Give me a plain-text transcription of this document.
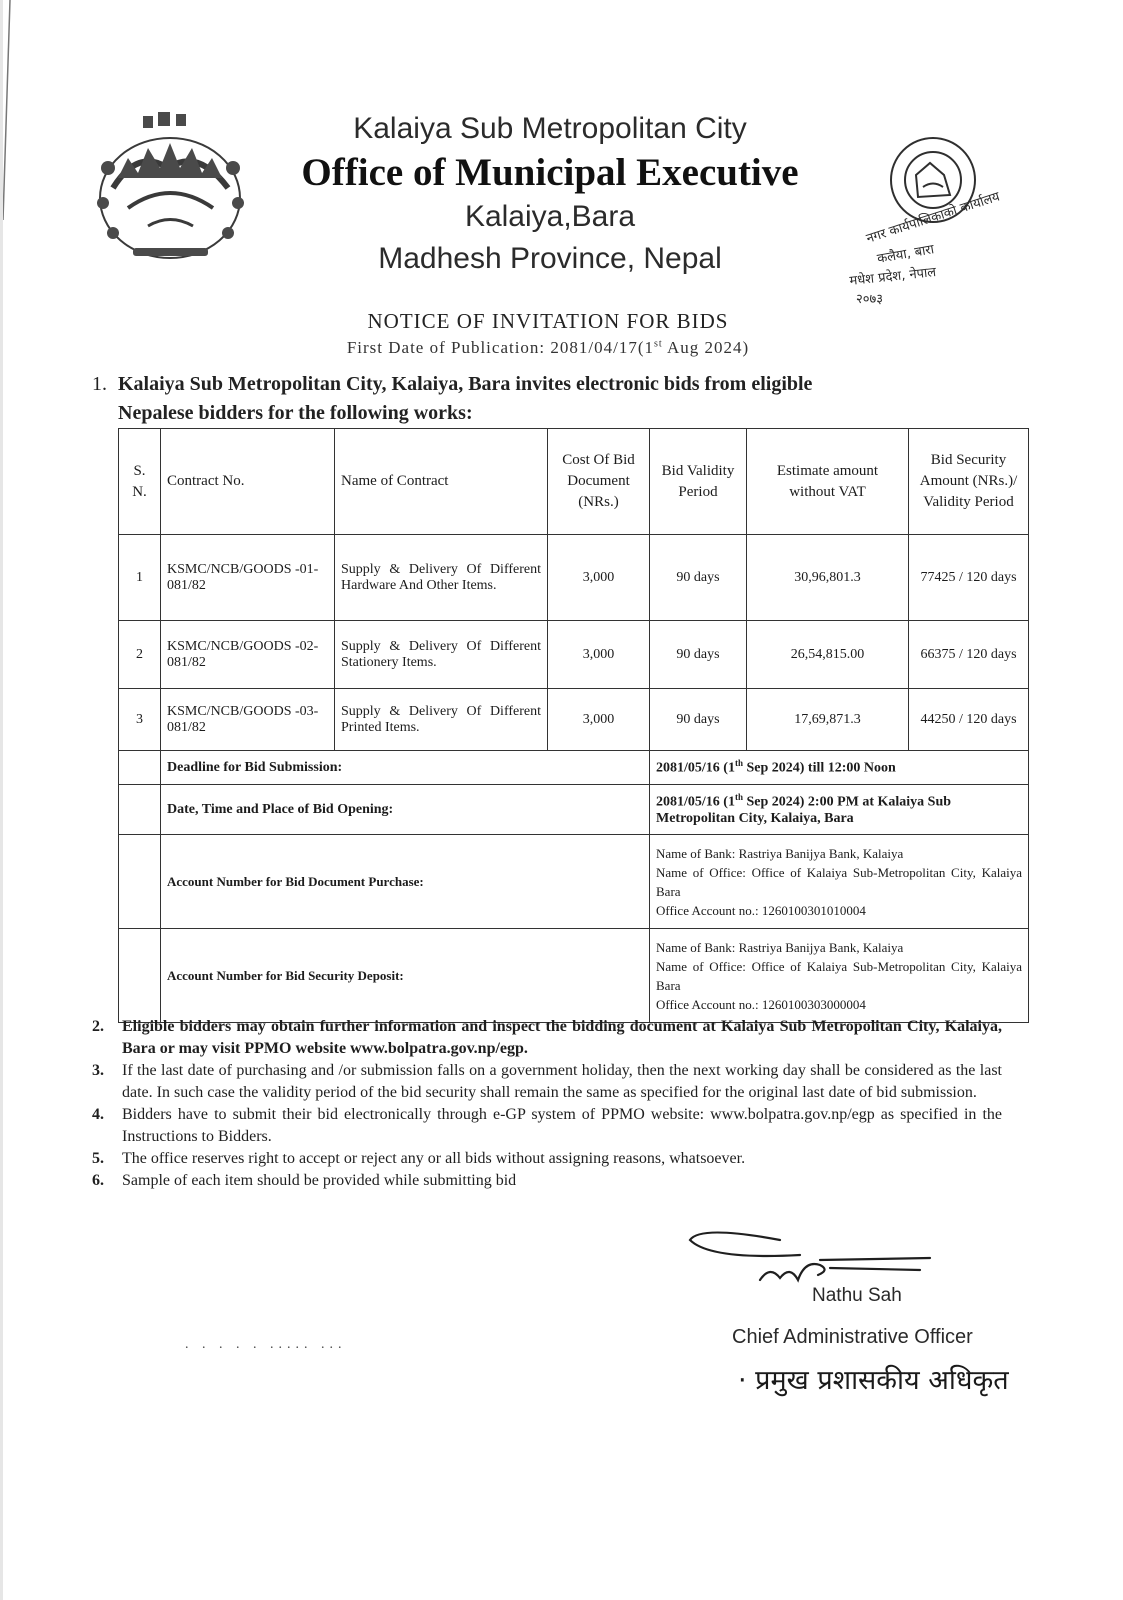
Kalaiya Sub Metropolitan City
Office of Municipal Executive
Kalaiya,Bara
Madhesh Province, Nepal
नगर कार्यपालिकाको कार्यालय
कलैया, बारा
मधेश प्रदेश, नेपाल
२०७३
NOTICE OF INVITATION FOR BIDS
First Date of Publication: 2081/04/17(1st Aug 2024)
1. Kalaiya Sub Metropolitan City, Kalaiya, Bara invites electronic bids from eligible
Nepalese bidders for the following works:
S. N.	Contract No.	Name of Contract	Cost Of Bid Document (NRs.)	Bid Validity Period	Estimate amount without VAT	Bid Security Amount (NRs.)/ Validity Period
1	KSMC/NCB/GOODS -01-081/82	Supply & Delivery Of Different Hardware And Other Items.	3,000	90 days	30,96,801.3	77425 / 120 days
2	KSMC/NCB/GOODS -02-081/82	Supply & Delivery Of Different Stationery Items.	3,000	90 days	26,54,815.00	66375 / 120 days
3	KSMC/NCB/GOODS -03-081/82	Supply & Delivery Of Different Printed Items.	3,000	90 days	17,69,871.3	44250 / 120 days
	Deadline for Bid Submission:			2081/05/16 (1th Sep 2024) till 12:00 Noon		
	Date, Time and Place of Bid Opening:			2081/05/16 (1th Sep 2024) 2:00 PM at Kalaiya Sub Metropolitan City, Kalaiya, Bara		
	Account Number for Bid Document Purchase:			Name of Bank: Rastriya Banijya Bank, Kalaiya
Name of Office: Office of Kalaiya Sub-Metropolitan City, Kalaiya Bara
Office Account no.: 1260100301010004		

	Account Number for Bid Security Deposit:			Name of Bank: Rastriya Banijya Bank, Kalaiya
Name of Office: Office of Kalaiya Sub-Metropolitan City, Kalaiya Bara
Office Account no.: 1260100303000004		
2.	Eligible bidders may obtain further information and inspect the bidding document at Kalaiya Sub Metropolitan City, Kalaiya, Bara or may visit PPMO website www.bolpatra.gov.np/egp.
3.	If the last date of purchasing and /or submission falls on a government holiday, then the next working day shall be considered as the last date. In such case the validity period of the bid security shall remain the same as specified for the original last date of bid submission.
4.	Bidders have to submit their bid electronically through e-GP system of PPMO website: www.bolpatra.gov.np/egp as specified in the Instructions to Bidders.
5.	The office reserves right to accept or reject any or all bids without assigning reasons, whatsoever.
6.	Sample of each item should be provided while submitting bid
. . . . . ..... ...
Nathu Sah
Chief Administrative Officer
· प्रमुख प्रशासकीय अधिकृत
